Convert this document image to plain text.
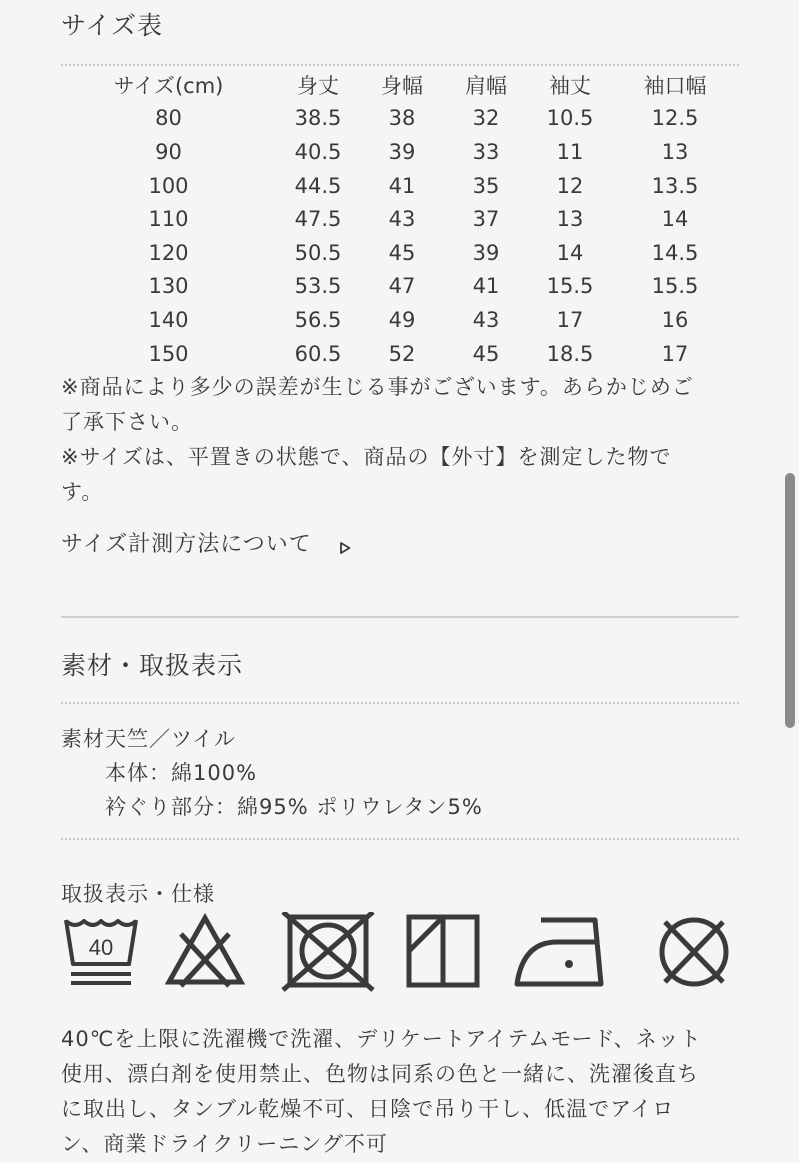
サイズ表
サイズ(cm)	身丈	身幅	肩幅	袖丈	袖口幅
80	38.5	38	32	10.5	12.5
90	40.5	39	33	11	13
100	44.5	41	35	12	13.5
110	47.5	43	37	13	14
120	50.5	45	39	14	14.5
130	53.5	47	41	15.5	15.5
140	56.5	49	43	17	16
150	60.5	52	45	18.5	17
※商品により多少の誤差が生じる事がございます。あらかじめご
了承下さい。
※サイズは、平置きの状態で、商品の【外寸】を測定した物で
す。
サイズ計測方法について
素材・取扱表示
素材天竺／ツイル
本体：綿100%
衿ぐり部分：綿95% ポリウレタン5%
取扱表示・仕様
40
40℃を上限に洗濯機で洗濯、デリケートアイテムモード、ネット
使用、漂白剤を使用禁止、色物は同系の色と一緒に、洗濯後直ち
に取出し、タンブル乾燥不可、日陰で吊り干し、低温でアイロ
ン、商業ドライクリーニング不可
